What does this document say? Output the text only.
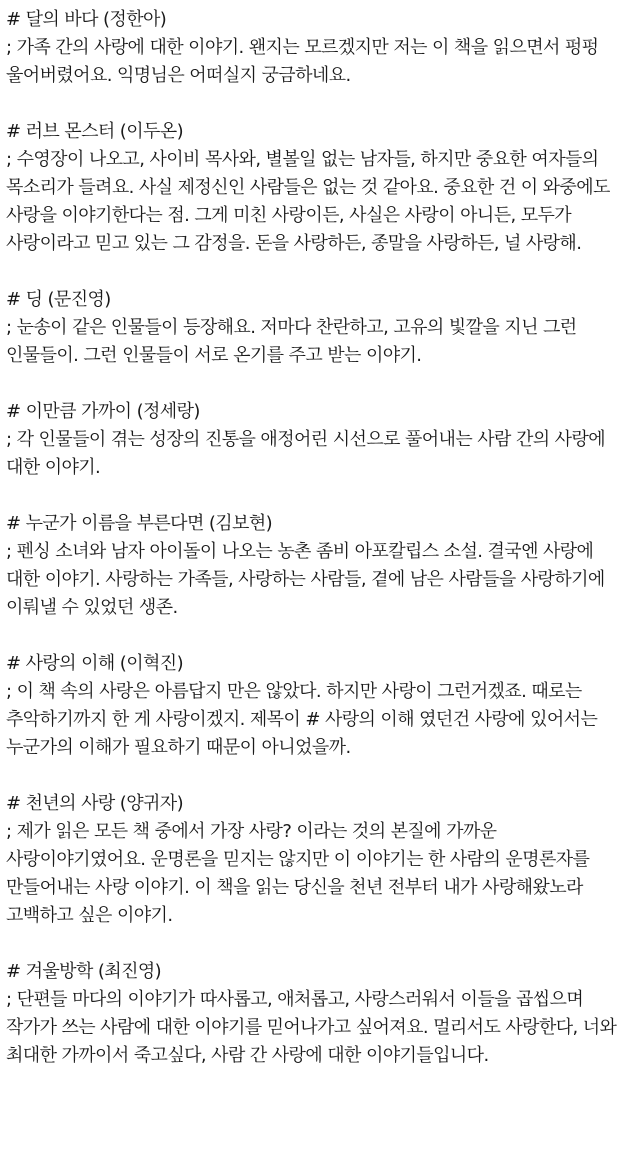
# 달의 바다 (정한아)

; 가족 간의 사랑에 대한 이야기. 왠지는 모르겠지만 저는 이 책을 읽으면서 펑펑 울어버렸어요. 익명님은 어떠실지 궁금하네요.

# 러브 몬스터 (이두온)

; 수영장이 나오고, 사이비 목사와, 별볼일 없는 남자들, 하지만 중요한 여자들의 목소리가 들려요. 사실 제정신인 사람들은 없는 것 같아요. 중요한 건 이 와중에도 사랑을 이야기한다는 점. 그게 미친 사랑이든, 사실은 사랑이 아니든, 모두가 사랑이라고 믿고 있는 그 감정을. 돈을 사랑하든, 종말을 사랑하든, 널 사랑해.

# 딩 (문진영)

; 눈송이 같은 인물들이 등장해요. 저마다 찬란하고, 고유의 빛깔을 지닌 그런 인물들이. 그런 인물들이 서로 온기를 주고 받는 이야기.

# 이만큼 가까이 (정세랑)

; 각 인물들이 겪는 성장의 진통을 애정어린 시선으로 풀어내는 사람 간의 사랑에 대한 이야기.

# 누군가 이름을 부른다면 (김보현)

; 펜싱 소녀와 남자 아이돌이 나오는 농촌 좀비 아포칼립스 소설. 결국엔 사랑에 대한 이야기. 사랑하는 가족들, 사랑하는 사람들, 곁에 남은 사람들을 사랑하기에 이뤄낼 수 있었던 생존.

# 사랑의 이해 (이혁진)

; 이 책 속의 사랑은 아름답지 만은 않았다. 하지만 사랑이 그런거겠죠. 때로는 추악하기까지 한 게 사랑이겠지. 제목이 # 사랑의 이해 였던건 사랑에 있어서는 누군가의 이해가 필요하기 때문이 아니었을까.

# 천년의 사랑 (양귀자)

; 제가 읽은 모든 책 중에서 가장 사랑? 이라는 것의 본질에 가까운 사랑이야기였어요. 운명론을 믿지는 않지만 이 이야기는 한 사람의 운명론자를 만들어내는 사랑 이야기. 이 책을 읽는 당신을 천년 전부터 내가 사랑해왔노라 고백하고 싶은 이야기.

# 겨울방학 (최진영)

; 단편들 마다의 이야기가 따사롭고, 애처롭고, 사랑스러워서 이들을 곱씹으며 작가가 쓰는 사람에 대한 이야기를 믿어나가고 싶어져요. 멀리서도 사랑한다, 너와 최대한 가까이서 죽고싶다, 사람 간 사랑에 대한 이야기들입니다.
